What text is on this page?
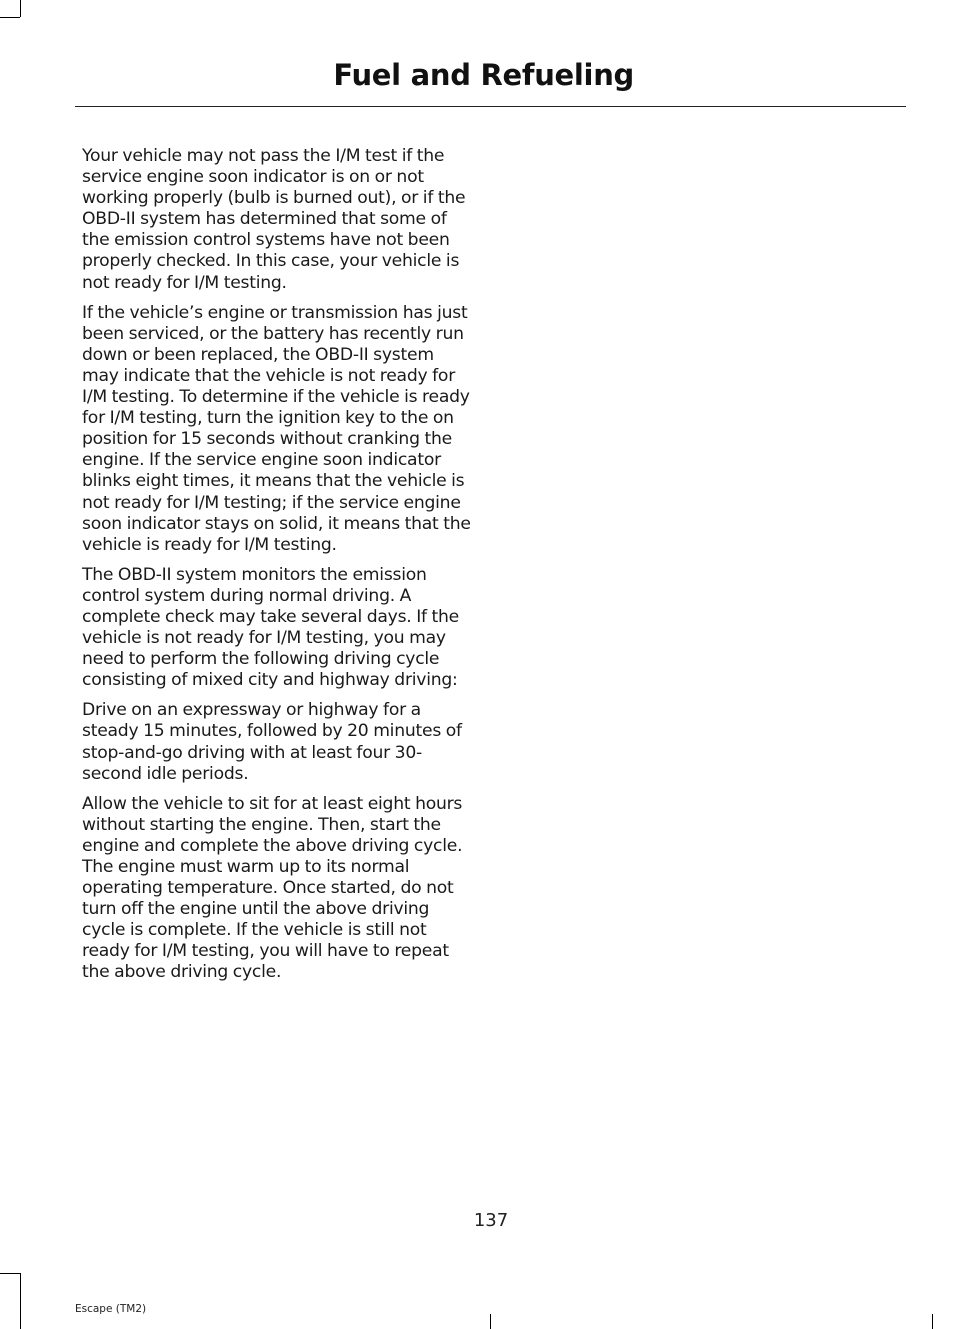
Fuel and Refueling

Your vehicle may not pass the I/M test if the service engine soon indicator is on or not working properly (bulb is burned out), or if the OBD-II system has determined that some of the emission control systems have not been properly checked. In this case, your vehicle is not ready for I/M testing.

If the vehicle’s engine or transmission has just been serviced, or the battery has recently run down or been replaced, the OBD-II system may indicate that the vehicle is not ready for I/M testing. To determine if the vehicle is ready for I/M testing, turn the ignition key to the on position for 15 seconds without cranking the engine. If the service engine soon indicator blinks eight times, it means that the vehicle is not ready for I/M testing; if the service engine soon indicator stays on solid, it means that the vehicle is ready for I/M testing.

The OBD-II system monitors the emission control system during normal driving. A complete check may take several days. If the vehicle is not ready for I/M testing, you may need to perform the following driving cycle consisting of mixed city and highway driving:

Drive on an expressway or highway for a steady 15 minutes, followed by 20 minutes of stop-and-go driving with at least four 30-second idle periods.

Allow the vehicle to sit for at least eight hours without starting the engine. Then, start the engine and complete the above driving cycle. The engine must warm up to its normal operating temperature. Once started, do not turn off the engine until the above driving cycle is complete. If the vehicle is still not ready for I/M testing, you will have to repeat the above driving cycle.

137
Escape (TM2)
